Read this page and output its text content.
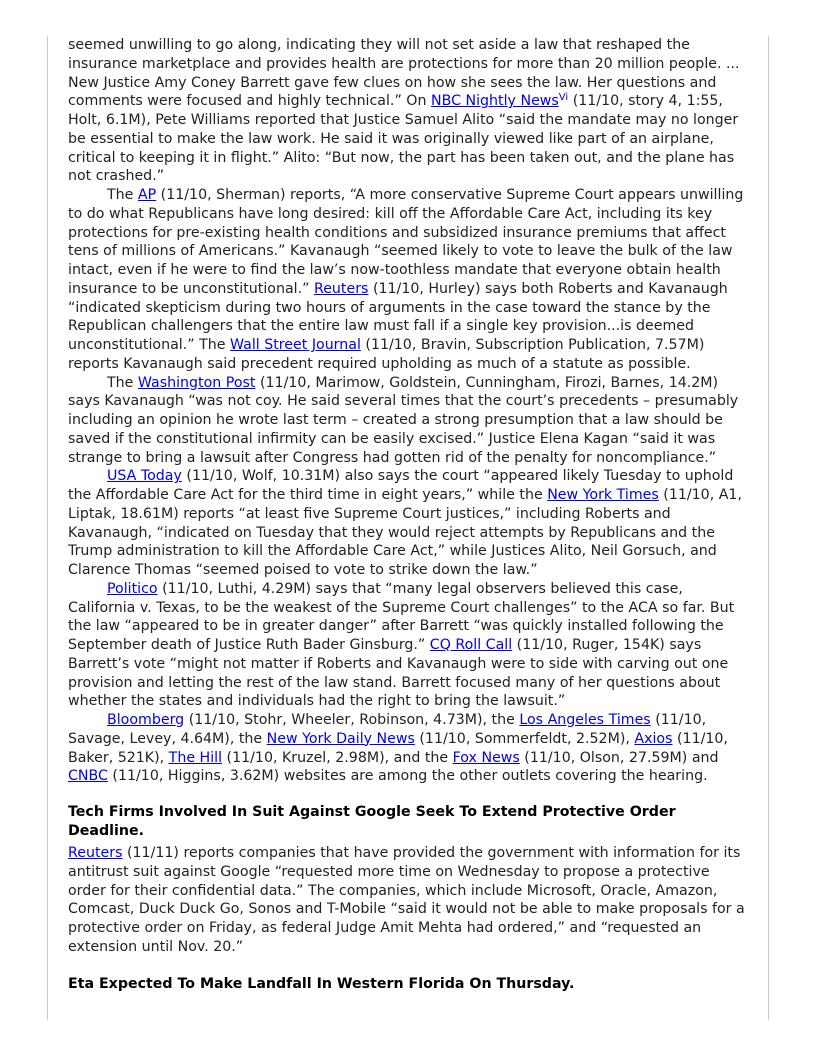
seemed unwilling to go along, indicating they will not set aside a law that reshaped the insurance marketplace and provides health are protections for more than 20 million people. ... New Justice Amy Coney Barrett gave few clues on how she sees the law. Her questions and comments were focused and highly technical.” On NBC Nightly News$^{Vi}$ (11/10, story 4, 1:55, Holt, 6.1M), Pete Williams reported that Justice Samuel Alito “said the mandate may no longer be essential to make the law work. He said it was originally viewed like part of an airplane, critical to keeping it in flight.” Alito: “But now, the part has been taken out, and the plane has not crashed.”

The AP (11/10, Sherman) reports, “A more conservative Supreme Court appears unwilling to do what Republicans have long desired: kill off the Affordable Care Act, including its key protections for pre-existing health conditions and subsidized insurance premiums that affect tens of millions of Americans.” Kavanaugh “seemed likely to vote to leave the bulk of the law intact, even if he were to find the law’s now-toothless mandate that everyone obtain health insurance to be unconstitutional.” Reuters (11/10, Hurley) says both Roberts and Kavanaugh “indicated skepticism during two hours of arguments in the case toward the stance by the Republican challengers that the entire law must fall if a single key provision...is deemed unconstitutional.” The Wall Street Journal (11/10, Bravin, Subscription Publication, 7.57M) reports Kavanaugh said precedent required upholding as much of a statute as possible.

The Washington Post (11/10, Marimow, Goldstein, Cunningham, Firozi, Barnes, 14.2M) says Kavanaugh “was not coy. He said several times that the court’s precedents – presumably including an opinion he wrote last term – created a strong presumption that a law should be saved if the constitutional infirmity can be easily excised.” Justice Elena Kagan “said it was strange to bring a lawsuit after Congress had gotten rid of the penalty for noncompliance.”

USA Today (11/10, Wolf, 10.31M) also says the court “appeared likely Tuesday to uphold the Affordable Care Act for the third time in eight years,” while the New York Times (11/10, A1, Liptak, 18.61M) reports “at least five Supreme Court justices,” including Roberts and Kavanaugh, “indicated on Tuesday that they would reject attempts by Republicans and the Trump administration to kill the Affordable Care Act,” while Justices Alito, Neil Gorsuch, and Clarence Thomas “seemed poised to vote to strike down the law.”

Politico (11/10, Luthi, 4.29M) says that “many legal observers believed this case, California v. Texas, to be the weakest of the Supreme Court challenges” to the ACA so far. But the law “appeared to be in greater danger” after Barrett “was quickly installed following the September death of Justice Ruth Bader Ginsburg.” CQ Roll Call (11/10, Ruger, 154K) says Barrett’s vote “might not matter if Roberts and Kavanaugh were to side with carving out one provision and letting the rest of the law stand. Barrett focused many of her questions about whether the states and individuals had the right to bring the lawsuit.”

Bloomberg (11/10, Stohr, Wheeler, Robinson, 4.73M), the Los Angeles Times (11/10, Savage, Levey, 4.64M), the New York Daily News (11/10, Sommerfeldt, 2.52M), Axios (11/10, Baker, 521K), The Hill (11/10, Kruzel, 2.98M), and the Fox News (11/10, Olson, 27.59M) and CNBC (11/10, Higgins, 3.62M) websites are among the other outlets covering the hearing.

Tech Firms Involved In Suit Against Google Seek To Extend Protective Order Deadline.

Reuters (11/11) reports companies that have provided the government with information for its antitrust suit against Google “requested more time on Wednesday to propose a protective order for their confidential data.” The companies, which include Microsoft, Oracle, Amazon, Comcast, Duck Duck Go, Sonos and T-Mobile “said it would not be able to make proposals for a protective order on Friday, as federal Judge Amit Mehta had ordered,” and “requested an extension until Nov. 20.”

Eta Expected To Make Landfall In Western Florida On Thursday.
